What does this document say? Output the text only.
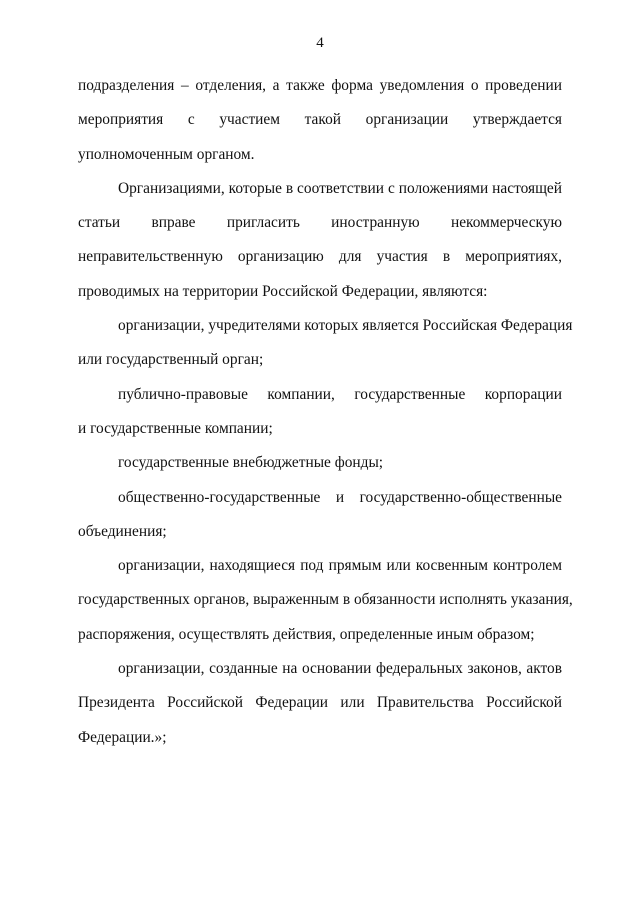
4
подразделения – отделения, а также форма уведомления о проведении
мероприятия с участием такой организации утверждается
уполномоченным органом.
Организациями, которые в соответствии с положениями настоящей
статьи вправе пригласить иностранную некоммерческую
неправительственную организацию для участия в мероприятиях,
проводимых на территории Российской Федерации, являются:
организации, учредителями которых является Российская Федерация
или государственный орган;
публично-правовые компании, государственные корпорации
и государственные компании;
государственные внебюджетные фонды;
общественно-государственные и государственно-общественные
объединения;
организации, находящиеся под прямым или косвенным контролем
государственных органов, выраженным в обязанности исполнять указания,
распоряжения, осуществлять действия, определенные иным образом;
организации, созданные на основании федеральных законов, актов
Президента Российской Федерации или Правительства Российской
Федерации.»;
